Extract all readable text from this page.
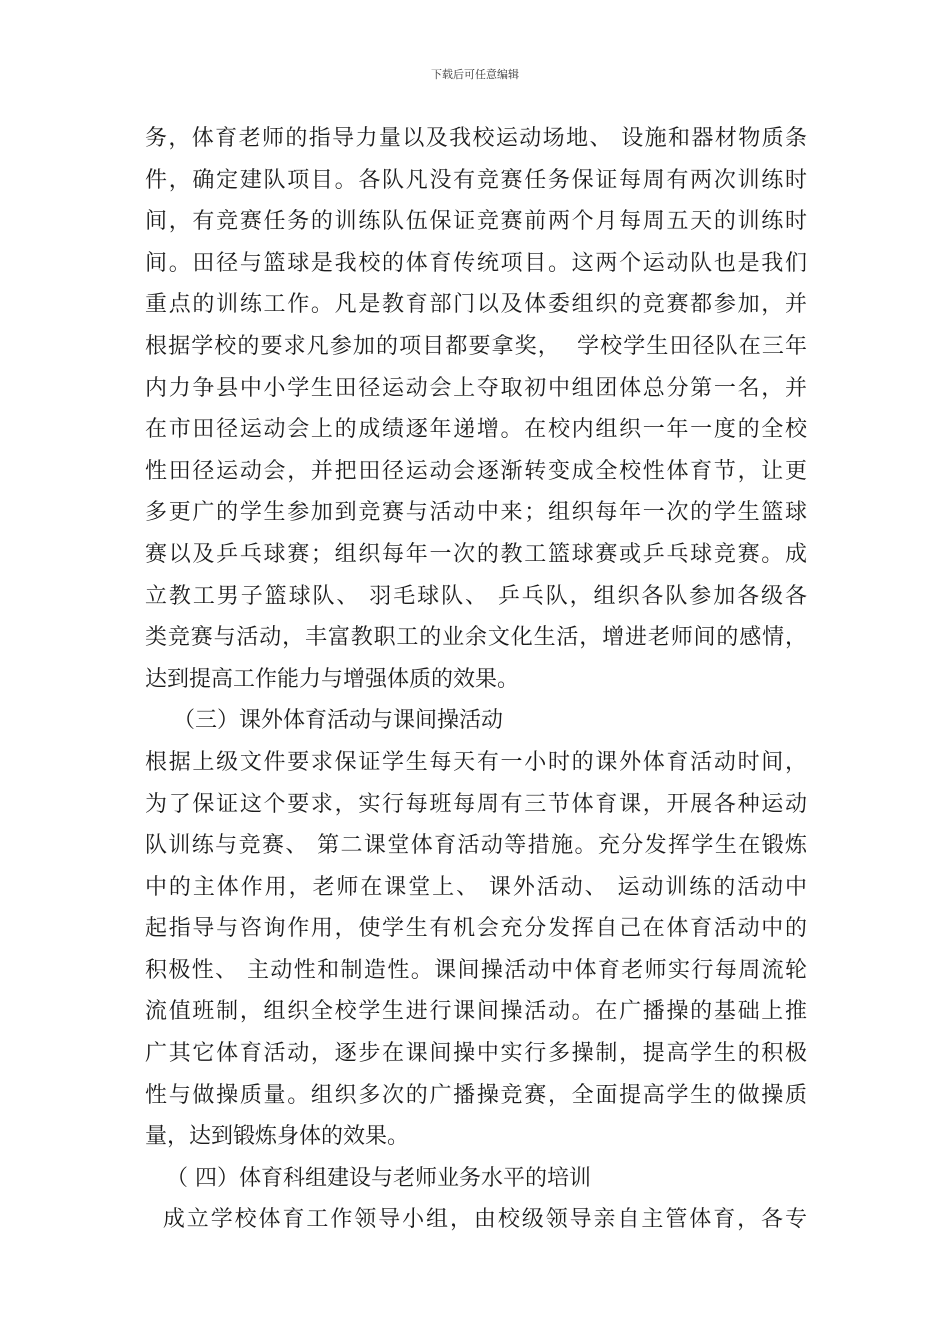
下载后可任意编辑
务，体育老师的指导力量以及我校运动场地、 设施和器材物质条
件，确定建队项目。各队凡没有竞赛任务保证每周有两次训练时
间，有竞赛任务的训练队伍保证竞赛前两个月每周五天的训练时
间。田径与篮球是我校的体育传统项目。这两个运动队也是我们
重点的训练工作。凡是教育部门以及体委组织的竞赛都参加，并
根据学校的要求凡参加的项目都要拿奖，  学校学生田径队在三年
内力争县中小学生田径运动会上夺取初中组团体总分第一名，并
在市田径运动会上的成绩逐年递增。在校内组织一年一度的全校
性田径运动会，并把田径运动会逐渐转变成全校性体育节，让更
多更广的学生参加到竞赛与活动中来；组织每年一次的学生篮球
赛以及乒乓球赛；组织每年一次的教工篮球赛或乒乓球竞赛。成
立教工男子篮球队、 羽毛球队、 乒乓队，组织各队参加各级各
类竞赛与活动，丰富教职工的业余文化生活，增进老师间的感情，
达到提高工作能力与增强体质的效果。
（三）课外体育活动与课间操活动
根据上级文件要求保证学生每天有一小时的课外体育活动时间，
为了保证这个要求，实行每班每周有三节体育课，开展各种运动
队训练与竞赛、 第二课堂体育活动等措施。充分发挥学生在锻炼
中的主体作用，老师在课堂上、 课外活动、 运动训练的活动中
起指导与咨询作用，使学生有机会充分发挥自己在体育活动中的
积极性、 主动性和制造性。课间操活动中体育老师实行每周流轮
流值班制，组织全校学生进行课间操活动。在广播操的基础上推
广其它体育活动，逐步在课间操中实行多操制，提高学生的积极
性与做操质量。组织多次的广播操竞赛，全面提高学生的做操质
量，达到锻炼身体的效果。
（ 四）体育科组建设与老师业务水平的培训
成立学校体育工作领导小组，由校级领导亲自主管体育，各专
